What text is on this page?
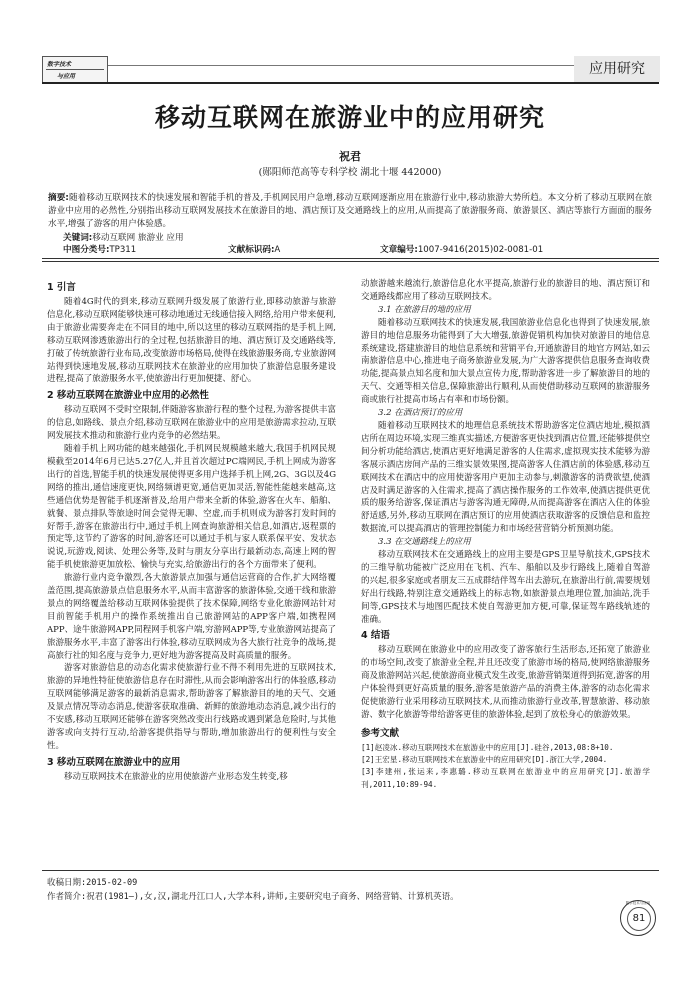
数字技术
与应用	应用研究
移动互联网在旅游业中的应用研究
祝君
(郧阳师范高等专科学校 湖北十堰 442000)
摘要:随着移动互联网技术的快速发展和智能手机的普及,手机网民用户急增,移动互联网逐渐应用在旅游行业中,移动旅游大势所趋。本文分析了移动互联网在旅游业中应用的必然性,分别指出移动互联网发展技术在旅游目的地、酒店预订及交通路线上的应用,从而提高了旅游服务商、旅游景区、酒店等旅行方面面的服务水平,增强了游客的用户体验感。
关键词:移动互联网 旅游业 应用
中图分类号:TP311	文献标识码:A	文章编号:1007-9416(2015)02-0081-01
1 引言

随着4G时代的到来,移动互联网升级发展了旅游行业,即移动旅游与旅游信息化,移动互联网能够快速可移动地通过无线通信接入网络,给用户带来便利,由于旅游业需要奔走在不同目的地中,所以这里的移动互联网指的是手机上网,移动互联网渗透旅游出行的全过程,包括旅游目的地、酒店预订及交通路线等,打破了传统旅游行业布局,改变旅游市场格局,使得在线旅游服务商,专业旅游网站得到快速地发展,移动互联网技术在旅游业的应用加快了旅游信息服务建设进程,提高了旅游服务水平,使旅游出行更加便捷、舒心。

2 移动互联网在旅游业中应用的必然性

移动互联网不受时空限制,伴随游客旅游行程的整个过程,为游客提供丰富的信息,如路线、景点介绍,移动互联网在旅游业中的应用是旅游需求拉动,互联网发展技术推动和旅游行业内竞争的必然结果。

随着手机上网功能的越来越强化,手机网民规模越来越大,我国手机网民规模截至2014年6月已达5.27亿人,并且首次超过PC端网民,手机上网成为游客出行的首选,智能手机的快速发展使得更多用户选择手机上网,2G、3G以及4G网络的推出,通信速度更快,网络频谱更宽,通信更加灵活,智能性能越来越高,这些通信优势是智能手机逐渐普及,给用户带来全新的体验,游客在火车、船舶、就餐、景点排队等旅途时间会觉得无聊、空虚,而手机则成为游客打发时间的好帮手,游客在旅游出行中,通过手机上网查询旅游相关信息,如酒店,返程票的预定等,这节约了游客的时间,游客还可以通过手机与家人联系保平安、发状态说说,玩游戏,阅读、处理公务等,及时与朋友分享出行最新动态,高速上网的智能手机使旅游更加放松、愉快与充实,给旅游出行的各个方面带来了便利。

旅游行业内竞争激烈,各大旅游景点加强与通信运营商的合作,扩大网络覆盖范围,提高旅游景点信息服务水平,从而丰富游客的旅游体验,交通干线和旅游景点的网络覆盖给移动互联网体验提供了技术保障,网络专业化旅游网站针对目前智能手机用户的操作系统推出自己旅游网站的APP客户端,如携程网APP、途牛旅游网APP,同程网手机客户端,穷游网APP等,专业旅游网站提高了旅游服务水平,丰富了游客出行体验,移动互联网成为各大旅行社竞争的战场,提高旅行社的知名度与竞争力,更好地为游客提高及时高质量的服务。

游客对旅游信息的动态化需求使旅游行业不得不利用先进的互联网技术,旅游的异地性特征使旅游信息存在时滞性,从而会影响游客出行的体验感,移动互联网能够满足游客的最新消息需求,帮助游客了解旅游目的地的天气、交通及景点情况等动态消息,使游客获取准确、新鲜的旅游地动态消息,减少出行的不安感,移动互联网还能够在游客突然改变出行线路或遇到紧急危险时,与其他游客或向支持行互动,给游客提供指导与帮助,增加旅游出行的便利性与安全性。

3 移动互联网在旅游业中的应用

移动互联网技术在旅游业的应用使旅游产业形态发生转变,移

动旅游越来越流行,旅游信息化水平提高,旅游行业的旅游目的地、酒店预订和交通路线都应用了移动互联网技术。

3.1 在旅游目的地的应用

随着移动互联网技术的快速发展,我国旅游业信息化也得到了快速发展,旅游目的地信息服务功能得到了大大增强,旅游促销机构加快对旅游目的地信息系统建设,搭建旅游目的地信息系统和营销平台,开通旅游目的地官方网站,如云南旅游信息中心,推进电子商务旅游业发展,为广大游客提供信息服务查询收费功能,提高景点知名度和加大景点宣传力度,帮助游客进一步了解旅游目的地的天气、交通等相关信息,保障旅游出行顺利,从而使借助移动互联网的旅游服务商或旅行社提高市场占有率和市场份额。

3.2 在酒店预订的应用

随着移动互联网技术的地理信息系统技术帮助游客定位酒店地址,模拟酒店所在周边环境,实现三维真实描述,方便游客更快找到酒店位置,还能够提供空间分析功能给酒店,使酒店更好地满足游客的人住需求,虚拟现实技术能够为游客展示酒店房间产品的三维实景效果图,提高游客人住酒店前的体验感,移动互联网技术在酒店中的应用使游客用户更加主动参与,刺激游客的消费欲望,使酒店及时满足游客的入住需求,提高了酒店操作服务的工作效率,使酒店提供更优质的服务给游客,保证酒店与游客沟通无障碍,从而提高游客在酒店入住的体验舒适感,另外,移动互联网在酒店预订的应用使酒店获取游客的反馈信息和监控数据流,可以提高酒店的管理控制能力和市场经营营销分析预测功能。

3.3 在交通路线上的应用

移动互联网技术在交通路线上的应用主要是GPS卫星导航技术,GPS技术的三维导航功能被广泛应用在飞机、汽车、船舶以及步行路线上,随着自驾游的兴起,很多家庭或者朋友三五成群结伴驾车出去游玩,在旅游出行前,需要规划好出行线路,特别注意交通路线上的标志物,如旅游景点地理位置,加油站,洗手间等,GPS技术与地图匹配技术使自驾游更加方便,可靠,保证驾车路线轨迹的准确。

4 结语

移动互联网在旅游业中的应用改变了游客旅行生活形态,还拓宽了旅游业的市场空间,改变了旅游业全程,并且还改变了旅游市场的格局,使网络旅游服务商及旅游网站兴起,使旅游商业模式发生改变,旅游营销渠道得到拓宽,游客的用户体验得到更好高质量的服务,游客是旅游产品的消费主体,游客的动态化需求促使旅游行业采用移动互联网技术,从而推动旅游行业改革,智慧旅游、移动旅游、数字化旅游等带给游客更佳的旅游体验,起到了放松身心的旅游效果。

参考文献
[1]赵凌冰.移动互联网技术在旅游业中的应用[J].硅谷,2013,08:8+10.
[2]王宏星.移动互联网技术在旅游业中的应用研究[D].浙江大学,2004.
[3]李建州,张运来,李惠璐.移动互联网在旅游业中的应用研究[J].旅游学刊,2011,10:89-94.
收稿日期:2015-02-09
作者简介:祝君(1981—),女,汉,湖北丹江口人,大学本科,讲师,主要研究电子商务、网络营销、计算机英语。
数字技术与应用
81
